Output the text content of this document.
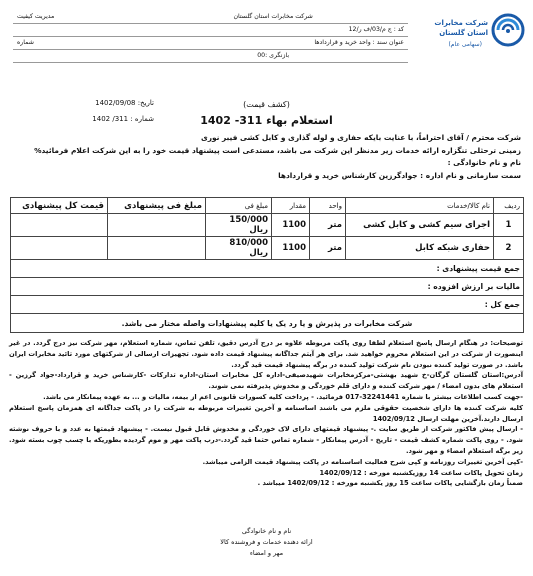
شرکت مخابرات استان گلستان
(سهامی عام)
شرکت مخابرات استان گلستان	مدیریت کیفیت
کد : ج م/03/ف ر/12	
عنوان سند : واحد خرید و قراردادها	شماره
بازنگری :00	
تاریخ: 1402/09/08
شماره : 311/ 1402
(کشف قیمت)
استعلام بهاء 311- 1402
شرکت محترم / آقای احتراماً، با عنایت بایکه حفاری و لوله گذاری و کابل کشی فیبر نوری
زمینی ترحثلی تنگزاره ارائه خدمات زیر مدنظر این شرکت می باشد، مستدعی است پیشنهاد قیمت خود را به این شرکت اعلام فرمائید%
نام و نام خانوادگی :
سمت سازمانی و نام اداره : جوادگرزین کارشناس خرید و قراردادها
ردیف	نام کالا/خدمات	واحد	مقدار	مبلغ فی	مبلغ فی پیشنهادی	قیمت کل پیشنهادی
1	اجرای سیم کشی و کابل کشی	متر	1100	150/000 ریال		
2	حفاری شبکه کابل	متر	1100	810/000 ریال		
جمع قیمت پیشنهادی :						
مالیات بر ارزش افزوده :						
جمع کل :						
شرکت مخابرات در پذیرش و یا رد یک یا کلیه پیشنهادات واصله مختار می باشد.						

توضیحات: در هنگام ارسال پاسخ استعلام لطفا روی پاکت مربوطه علاوه بر درج آدرس دقیق، تلفن تماس، شماره استعلام، مهر شرکت نیز درج گردد. در غیر اینصورت از شرکت در این استعلام محروم خواهید شد. برای هر آیتم جداگانه پیشنهاد قیمت داده شود. تجهیزات ارسالی از شرکتهای مورد تائید مخابرات ایران باشد. در صورت تولید کننده نبودن نام شرکت تولید کننده در برگه پیشنهاد قیمت قید گردد.

آدرس:استان گلستان گرگان-خ شهید بهشتی-مرکزمخابرات شهیدصیفی-اداره کل مخابرات استان-اداره تدارکات -کارشناس خرید و قرارداد-جواد گرزین - استعلام های بدون امضاء / مهر شرکت کننده و دارای قلم خوردگی و مخدوش پذیرفته نمی شوند.

-جهت کسب اطلاعات بیشتر با شماره 32241441-017 فرمائید. - پرداخت کلیه کسورات قانونی اعم از بیمه، مالیات و ... به عهده پیمانکار می باشد.

کلیه شرکت کننده ها دارای شخصیت حقوقی ملزم می باشند اساسنامه و آخرین تغییرات مربوطه به شرکت را در پاکت جداگانه ای همزمان پاسخ استعلام ارسال دارند.آخرین مهلت ارسال 1402/09/12

- ارسال پیش فاکتور شرکت از طریق سایت .- پیشنهاد قیمتهای دارای لاک خوردگی و مخدوش قابل قبول نیست. - پیشنهاد قیمتها به عدد و با حروف نوشته شود. - روی پاکت شماره کشف قیمت - تاریخ - آدرس پیمانکار - شماره تماس حتما قید گردد.-درب پاکت مهر و موم گردیده بطوریکه با چسب چوب بسته شود. زیر برگه استعلام امضاء و مهر شود.

-کپی آخرین تغییرات روزنامه و کپی شرح فعالیت اساسنامه در پاکت پیشنهاد قیمت الزامی میباشد.

زمان تحویل پاکات ساعت 14 روزیکشنبه مورخه : 1402/09/12

ضمناً زمان بازگشایی پاکات ساعت 15 روز یکشنبه مورخه : 1402/09/12 میباشد .

نام و نام خانوادگی
ارائه دهنده خدمات و فروشنده کالا
مهر و امضاء
